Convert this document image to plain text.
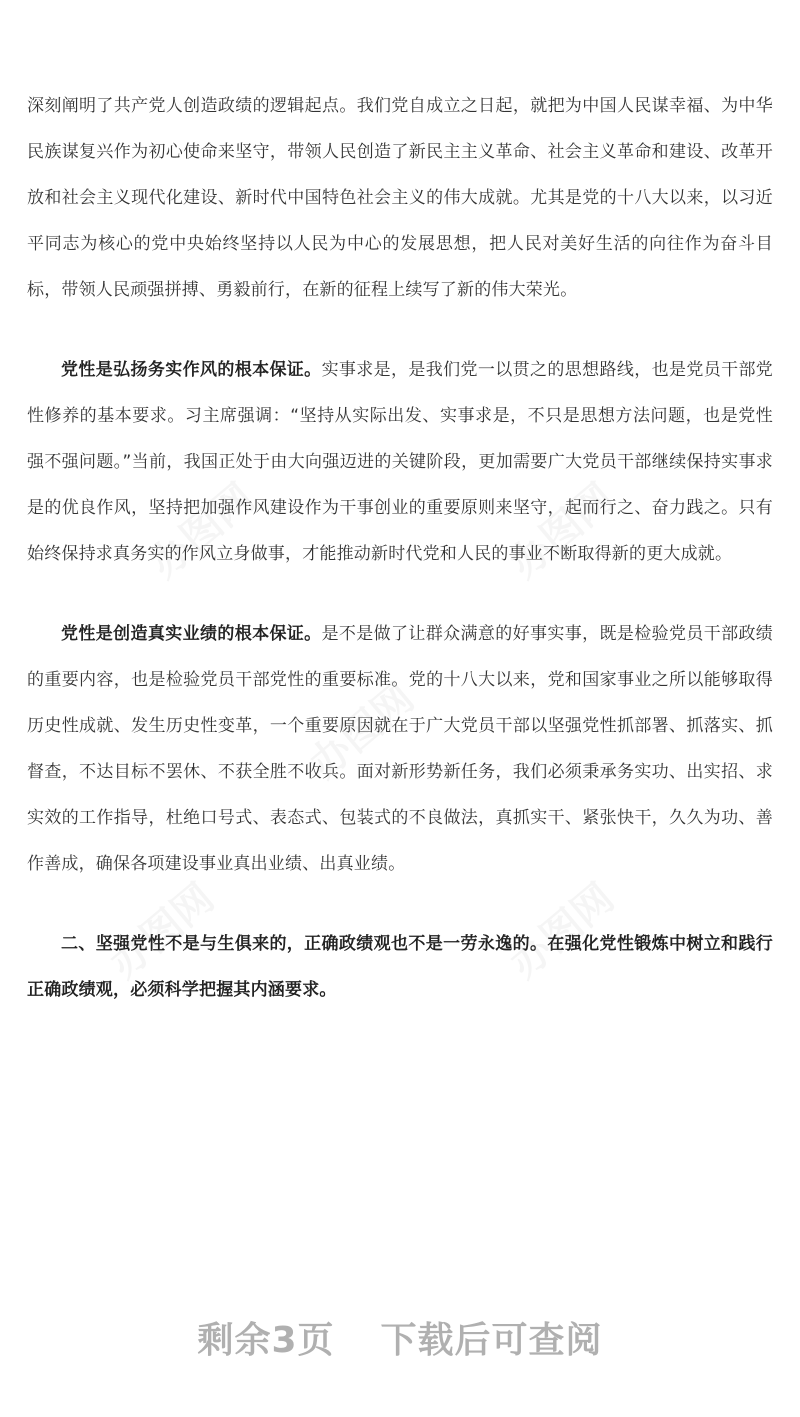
深刻阐明了共产党人创造政绩的逻辑起点。我们党自成立之日起，就把为中国人民谋幸福、为中华民族谋复兴作为初心使命来坚守，带领人民创造了新民主主义革命、社会主义革命和建设、改革开放和社会主义现代化建设、新时代中国特色社会主义的伟大成就。尤其是党的十八大以来，以习近平同志为核心的党中央始终坚持以人民为中心的发展思想，把人民对美好生活的向往作为奋斗目标，带领人民顽强拼搏、勇毅前行，在新的征程上续写了新的伟大荣光。

党性是弘扬务实作风的根本保证。实事求是，是我们党一以贯之的思想路线，也是党员干部党性修养的基本要求。习主席强调：“坚持从实际出发、实事求是，不只是思想方法问题，也是党性强不强问题。”当前，我国正处于由大向强迈进的关键阶段，更加需要广大党员干部继续保持实事求是的优良作风，坚持把加强作风建设作为干事创业的重要原则来坚守，起而行之、奋力践之。只有始终保持求真务实的作风立身做事，才能推动新时代党和人民的事业不断取得新的更大成就。

党性是创造真实业绩的根本保证。是不是做了让群众满意的好事实事，既是检验党员干部政绩的重要内容，也是检验党员干部党性的重要标准。党的十八大以来，党和国家事业之所以能够取得历史性成就、发生历史性变革，一个重要原因就在于广大党员干部以坚强党性抓部署、抓落实、抓督查，不达目标不罢休、不获全胜不收兵。面对新形势新任务，我们必须秉承务实功、出实招、求实效的工作指导，杜绝口号式、表态式、包装式的不良做法，真抓实干、紧张快干，久久为功、善作善成，确保各项建设事业真出业绩、出真业绩。

二、坚强党性不是与生俱来的，正确政绩观也不是一劳永逸的。在强化党性锻炼中树立和践行正确政绩观，必须科学把握其内涵要求。

剩余3页 下载后可查阅
